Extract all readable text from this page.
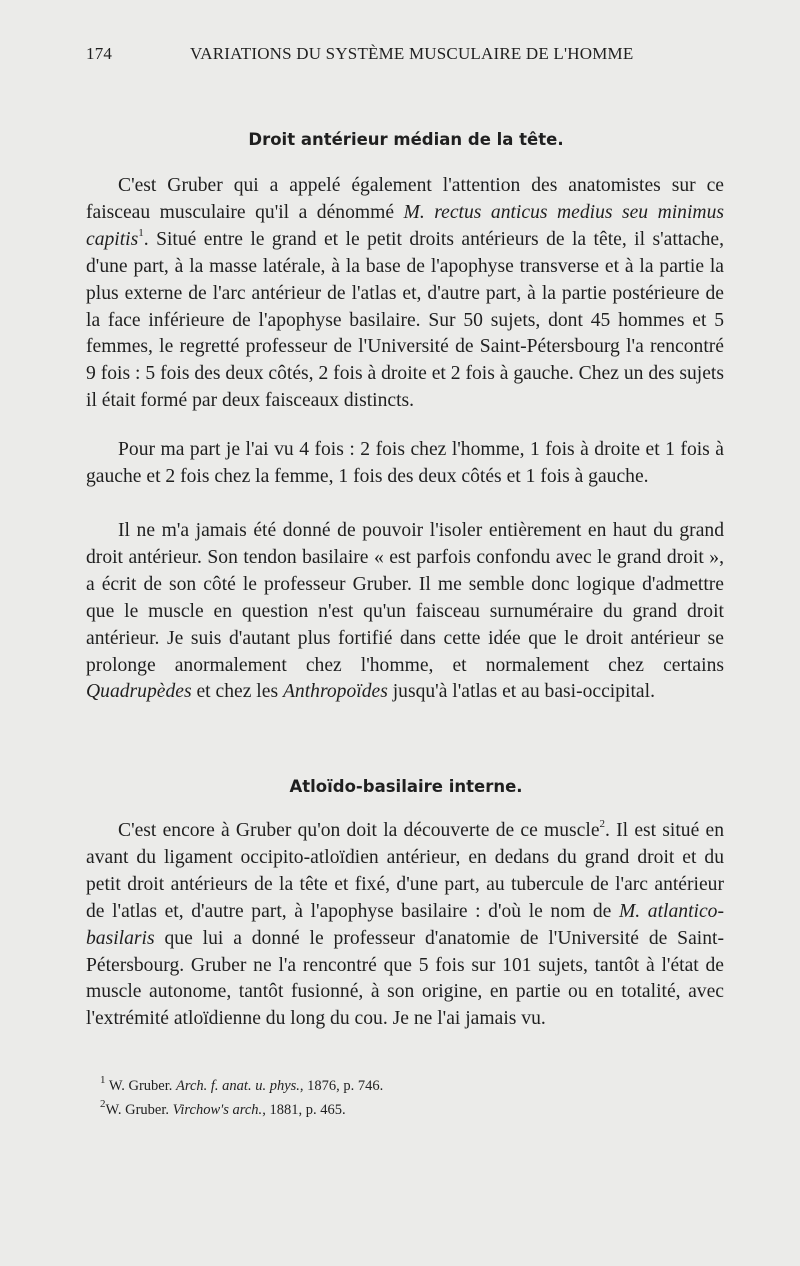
174	VARIATIONS DU SYSTÈME MUSCULAIRE DE L'HOMME
Droit antérieur médian de la tête.

C'est Gruber qui a appelé également l'attention des anatomistes sur ce faisceau musculaire qu'il a dénommé M. rectus anticus medius seu minimus capitis$^1$. Situé entre le grand et le petit droits antérieurs de la tête, il s'attache, d'une part, à la masse latérale, à la base de l'apophyse transverse et à la partie la plus externe de l'arc antérieur de l'atlas et, d'autre part, à la partie postérieure de la face inférieure de l'apophyse basilaire. Sur 50 sujets, dont 45 hommes et 5 femmes, le regretté professeur de l'Université de Saint-Pétersbourg l'a rencontré 9 fois : 5 fois des deux côtés, 2 fois à droite et 2 fois à gauche. Chez un des sujets il était formé par deux faisceaux distincts.

Pour ma part je l'ai vu 4 fois : 2 fois chez l'homme, 1 fois à droite et 1 fois à gauche et 2 fois chez la femme, 1 fois des deux côtés et 1 fois à gauche.

Il ne m'a jamais été donné de pouvoir l'isoler entièrement en haut du grand droit antérieur. Son tendon basilaire « est parfois confondu avec le grand droit », a écrit de son côté le professeur Gruber. Il me semble donc logique d'admettre que le muscle en question n'est qu'un faisceau surnuméraire du grand droit antérieur. Je suis d'autant plus fortifié dans cette idée que le droit antérieur se prolonge anormalement chez l'homme, et normalement chez certains Quadrupèdes et chez les Anthropoïdes jusqu'à l'atlas et au basi-occipital.

Atloïdo-basilaire interne.

C'est encore à Gruber qu'on doit la découverte de ce muscle$^2$. Il est situé en avant du ligament occipito-atloïdien antérieur, en dedans du grand droit et du petit droit antérieurs de la tête et fixé, d'une part, au tubercule de l'arc antérieur de l'atlas et, d'autre part, à l'apophyse basilaire : d'où le nom de M. atlantico-basilaris que lui a donné le professeur d'anatomie de l'Université de Saint-Pétersbourg. Gruber ne l'a rencontré que 5 fois sur 101 sujets, tantôt à l'état de muscle autonome, tantôt fusionné, à son origine, en partie ou en totalité, avec l'extrémité atloïdienne du long du cou. Je ne l'ai jamais vu.

$^1$ W. Gruber. Arch. f. anat. u. phys., 1876, p. 746.
$^2$W. Gruber. Virchow's arch., 1881, p. 465.
